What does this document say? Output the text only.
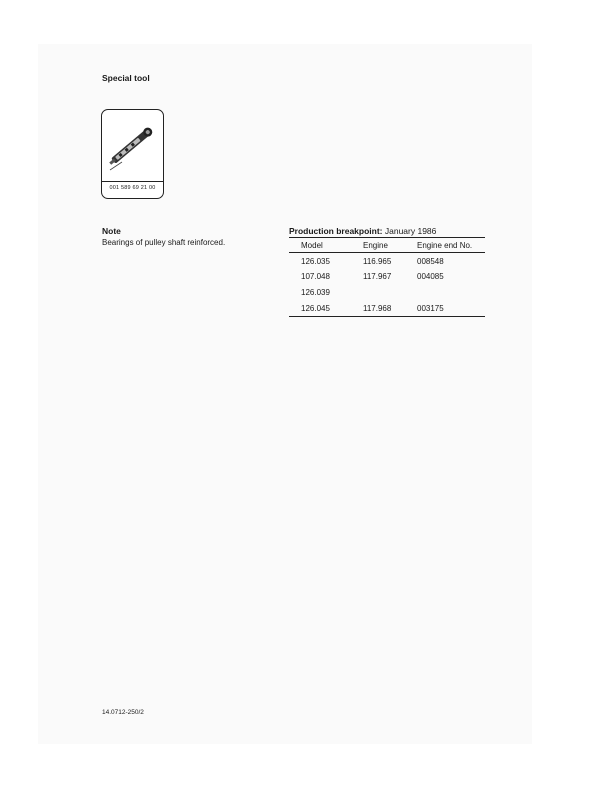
Special tool
001 589 69 21 00
Note
Bearings of pulley shaft reinforced.
Production breakpoint: January 1986
Model	Engine	Engine end No.
126.035	116.965	008548
107.048	117.967	004085
126.039
126.045	117.968	003175
14.0712-250/2
